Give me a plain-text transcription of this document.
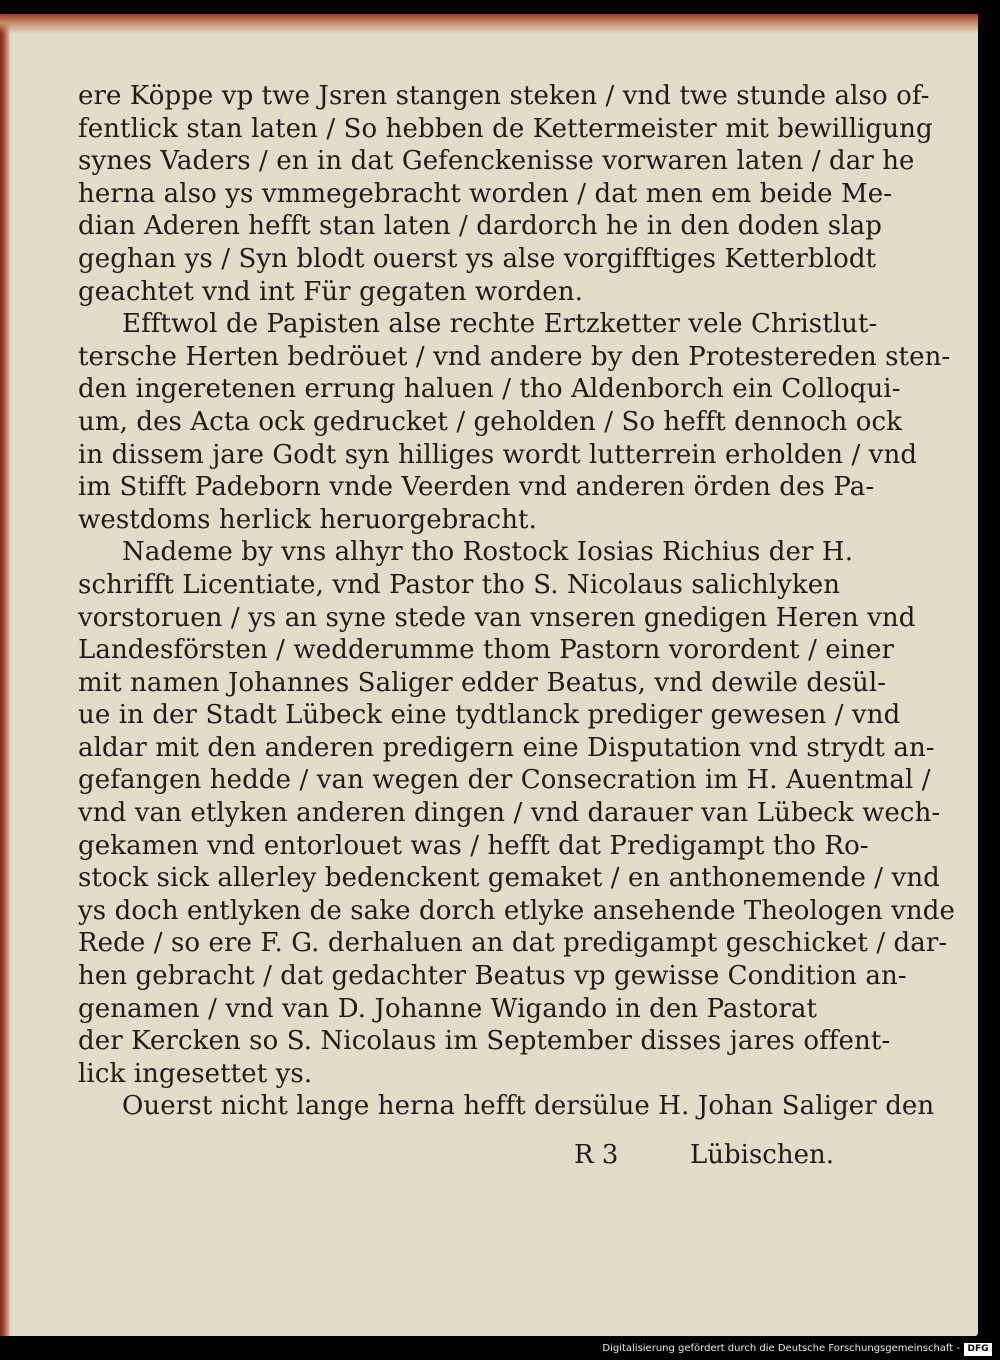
ere Köppe vp twe Jsren stangen steken / vnd twe stunde also of-
fentlick stan laten / So hebben de Kettermeister mit bewilligung
synes Vaders / en in dat Gefenckenisse vorwaren laten / dar he
herna also ys vmmegebracht worden / dat men em beide Me-
dian Aderen hefft stan laten / dardorch he in den doden slap
geghan ys / Syn blodt ouerst ys alse vorgifftiges Ketterblodt
geachtet vnd int Für gegaten worden.
Efftwol de Papisten alse rechte Ertzketter vele Christlut-
tersche Herten bedröuet / vnd andere by den Protestereden sten-
den ingeretenen errung haluen / tho Aldenborch ein Colloqui-
um, des Acta ock gedrucket / geholden / So hefft dennoch ock
in dissem jare Godt syn hilliges wordt lutterrein erholden / vnd
im Stifft Padeborn vnde Veerden vnd anderen örden des Pa-
westdoms herlick heruorgebracht.
Nademe by vns alhyr tho Rostock Iosias Richius der H.
schrifft Licentiate, vnd Pastor tho S. Nicolaus salichlyken
vorstoruen / ys an syne stede van vnseren gnedigen Heren vnd
Landesförsten / wedderumme thom Pastorn vorordent / einer
mit namen Johannes Saliger edder Beatus, vnd dewile desül-
ue in der Stadt Lübeck eine tydtlanck prediger gewesen / vnd
aldar mit den anderen predigern eine Disputation vnd strydt an-
gefangen hedde / van wegen der Consecration im H. Auentmal /
vnd van etlyken anderen dingen / vnd darauer van Lübeck wech-
gekamen vnd entorlouet was / hefft dat Predigampt tho Ro-
stock sick allerley bedenckent gemaket / en anthonemende / vnd
ys doch entlyken de sake dorch etlyke ansehende Theologen vnde
Rede / so ere F. G. derhaluen an dat predigampt geschicket / dar-
hen gebracht / dat gedachter Beatus vp gewisse Condition an-
genamen / vnd van D. Johanne Wigando in den Pastorat
der Kercken so S. Nicolaus im September disses jares offent-
lick ingesettet ys.
Ouerst nicht lange herna hefft dersülue H. Johan Saliger den
R 3	Lübischen.
Digitalisierung gefördert durch die Deutsche Forschungsgemeinschaft - DFG
